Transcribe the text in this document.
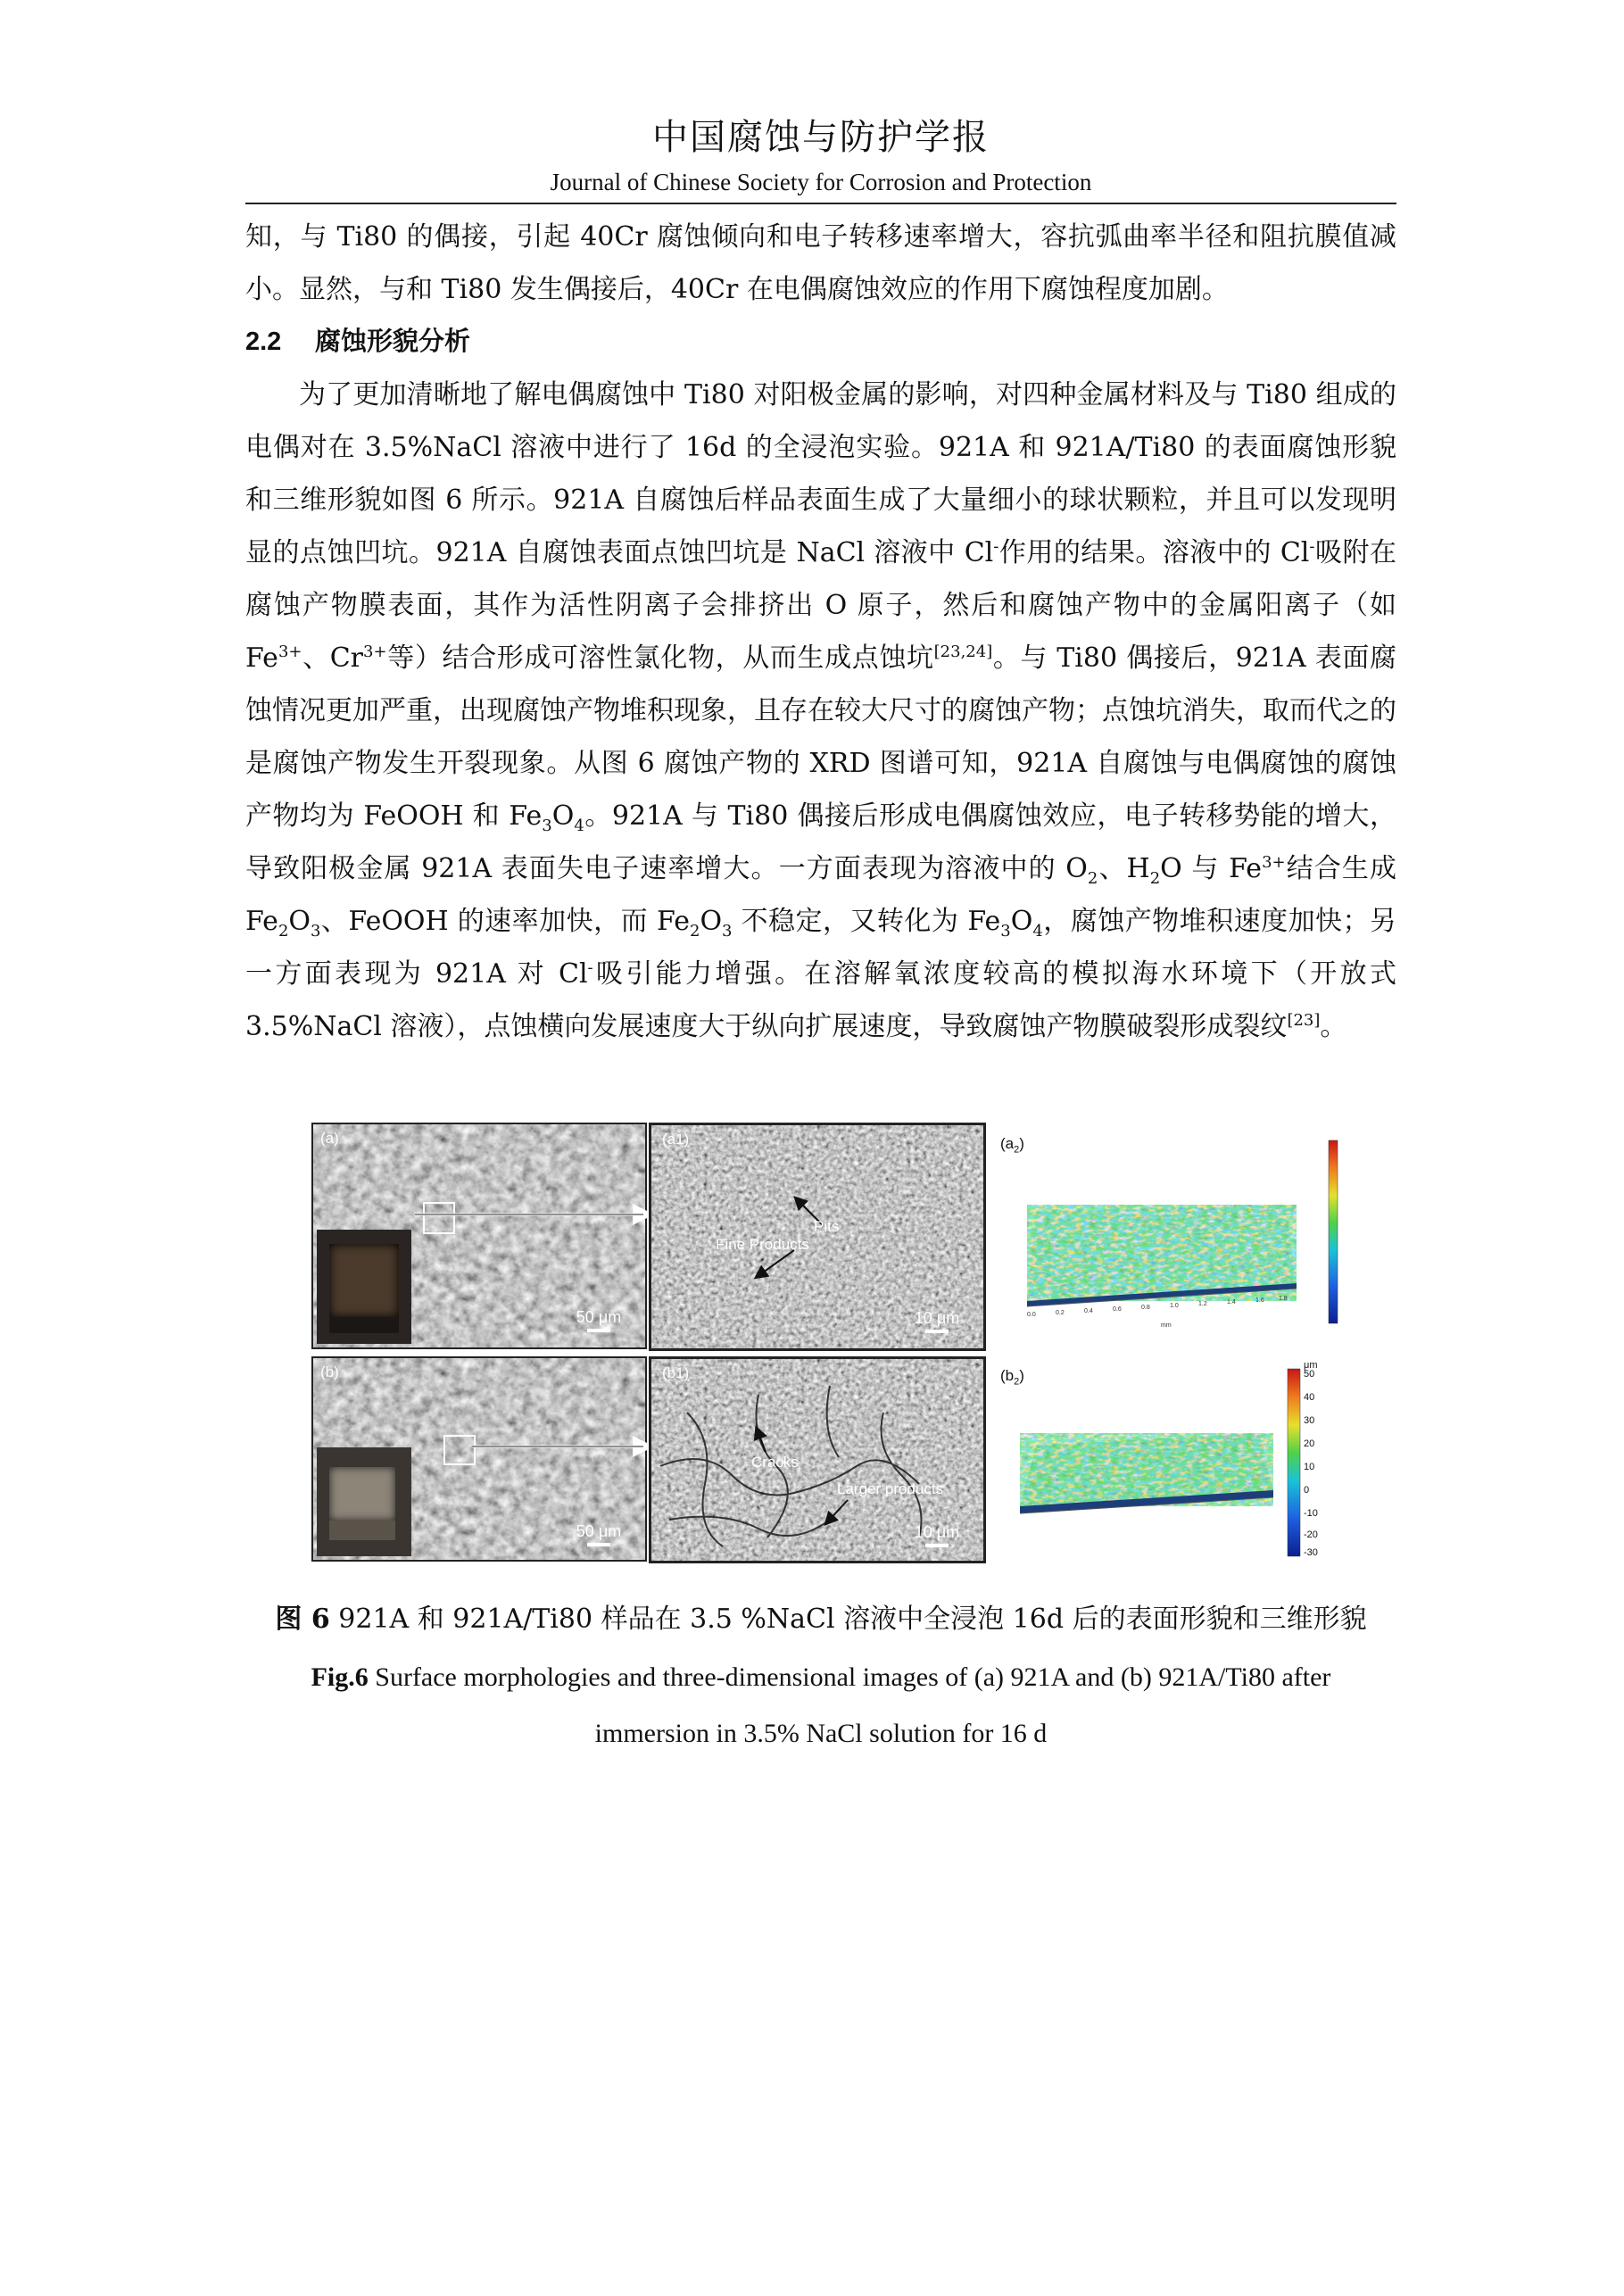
中国腐蚀与防护学报
Journal of Chinese Society for Corrosion and Protection

知，与 Ti80 的偶接，引起 40Cr 腐蚀倾向和电子转移速率增大，容抗弧曲率半径和阻抗膜值减小。显然，与和 Ti80 发生偶接后，40Cr 在电偶腐蚀效应的作用下腐蚀程度加剧。

2.2 腐蚀形貌分析

为了更加清晰地了解电偶腐蚀中 Ti80 对阳极金属的影响，对四种金属材料及与 Ti80 组成的电偶对在 3.5%NaCl 溶液中进行了 16d 的全浸泡实验。921A 和 921A/Ti80 的表面腐蚀形貌和三维形貌如图 6 所示。921A 自腐蚀后样品表面生成了大量细小的球状颗粒，并且可以发现明显的点蚀凹坑。921A 自腐蚀表面点蚀凹坑是 NaCl 溶液中 Cl-作用的结果。溶液中的 Cl-吸附在腐蚀产物膜表面，其作为活性阴离子会排挤出 O 原子，然后和腐蚀产物中的金属阳离子（如 $Fe^{3+}$、$Cr^{3+}$等）结合形成可溶性氯化物，从而生成点蚀坑[23,24]。与 Ti80 偶接后，921A 表面腐蚀情况更加严重，出现腐蚀产物堆积现象，且存在较大尺寸的腐蚀产物；点蚀坑消失，取而代之的是腐蚀产物发生开裂现象。从图 6 腐蚀产物的 XRD 图谱可知，921A 自腐蚀与电偶腐蚀的腐蚀产物均为 FeOOH 和 $Fe_3O_4$。921A 与 Ti80 偶接后形成电偶腐蚀效应，电子转移势能的增大，导致阳极金属 921A 表面失电子速率增大。一方面表现为溶液中的 $O_2$、$H_2O$ 与 $Fe^{3+}$结合生成 $Fe_2O_3$、FeOOH 的速率加快，而 $Fe_2O_3$ 不稳定，又转化为 $Fe_3O_4$，腐蚀产物堆积速度加快；另一方面表现为 921A 对 Cl-吸引能力增强。在溶解氧浓度较高的模拟海水环境下（开放式 3.5%NaCl 溶液），点蚀横向发展速度大于纵向扩展速度，导致腐蚀产物膜破裂形成裂纹[23]。

(a)
50 μm
(a1)
Pits
Fine Products
10 μm
$(a_2)$
0.0	0.2	0.4	0.6	0.8	1.0	1.2	1.4	1.6 1.8
mm
(b)
50 μm
(b1)
Cracks
Larger products
10 μm
$(b_2)$
μm
50
40
30
20
10
0
-10
-20
-30
图 6 921A 和 921A/Ti80 样品在 3.5 %NaCl 溶液中全浸泡 16d 后的表面形貌和三维形貌
Fig.6 Surface morphologies and three-dimensional images of (a) 921A and (b) 921A/Ti80 after
immersion in 3.5% NaCl solution for 16 d
